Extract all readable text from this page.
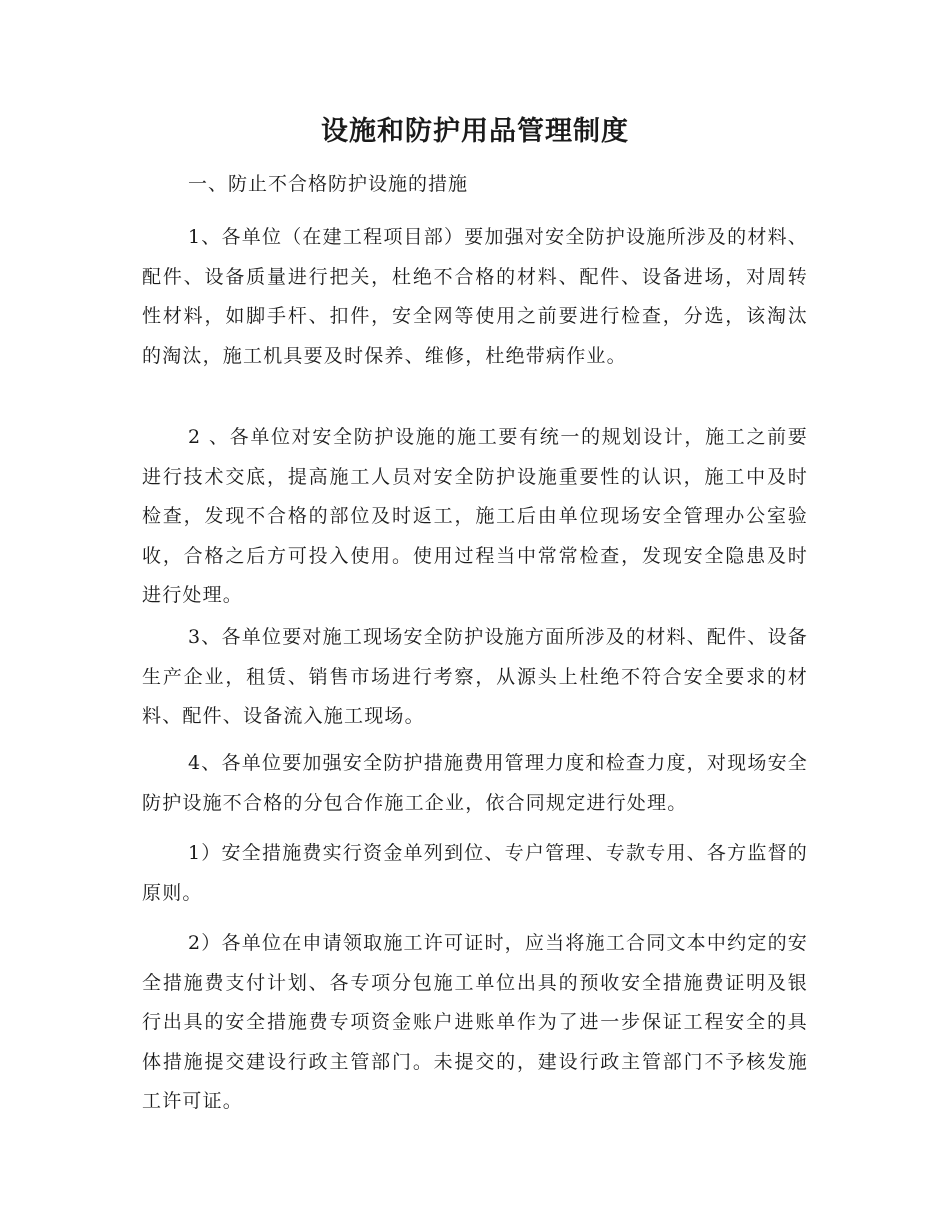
设施和防护用品管理制度

一、防止不合格防护设施的措施

1、各单位（在建工程项目部）要加强对安全防护设施所涉及的材料、配件、设备质量进行把关，杜绝不合格的材料、配件、设备进场，对周转性材料，如脚手杆、扣件，安全网等使用之前要进行检查，分选，该淘汰的淘汰，施工机具要及时保养、维修，杜绝带病作业。

2 、各单位对安全防护设施的施工要有统一的规划设计，施工之前要进行技术交底，提高施工人员对安全防护设施重要性的认识，施工中及时检查，发现不合格的部位及时返工，施工后由单位现场安全管理办公室验收，合格之后方可投入使用。使用过程当中常常检查，发现安全隐患及时进行处理。

3、各单位要对施工现场安全防护设施方面所涉及的材料、配件、设备生产企业，租赁、销售市场进行考察，从源头上杜绝不符合安全要求的材料、配件、设备流入施工现场。

4、各单位要加强安全防护措施费用管理力度和检查力度，对现场安全防护设施不合格的分包合作施工企业，依合同规定进行处理。

1）安全措施费实行资金单列到位、专户管理、专款专用、各方监督的原则。

2）各单位在申请领取施工许可证时，应当将施工合同文本中约定的安全措施费支付计划、各专项分包施工单位出具的预收安全措施费证明及银行出具的安全措施费专项资金账户进账单作为了进一步保证工程安全的具体措施提交建设行政主管部门。未提交的，建设行政主管部门不予核发施工许可证。
